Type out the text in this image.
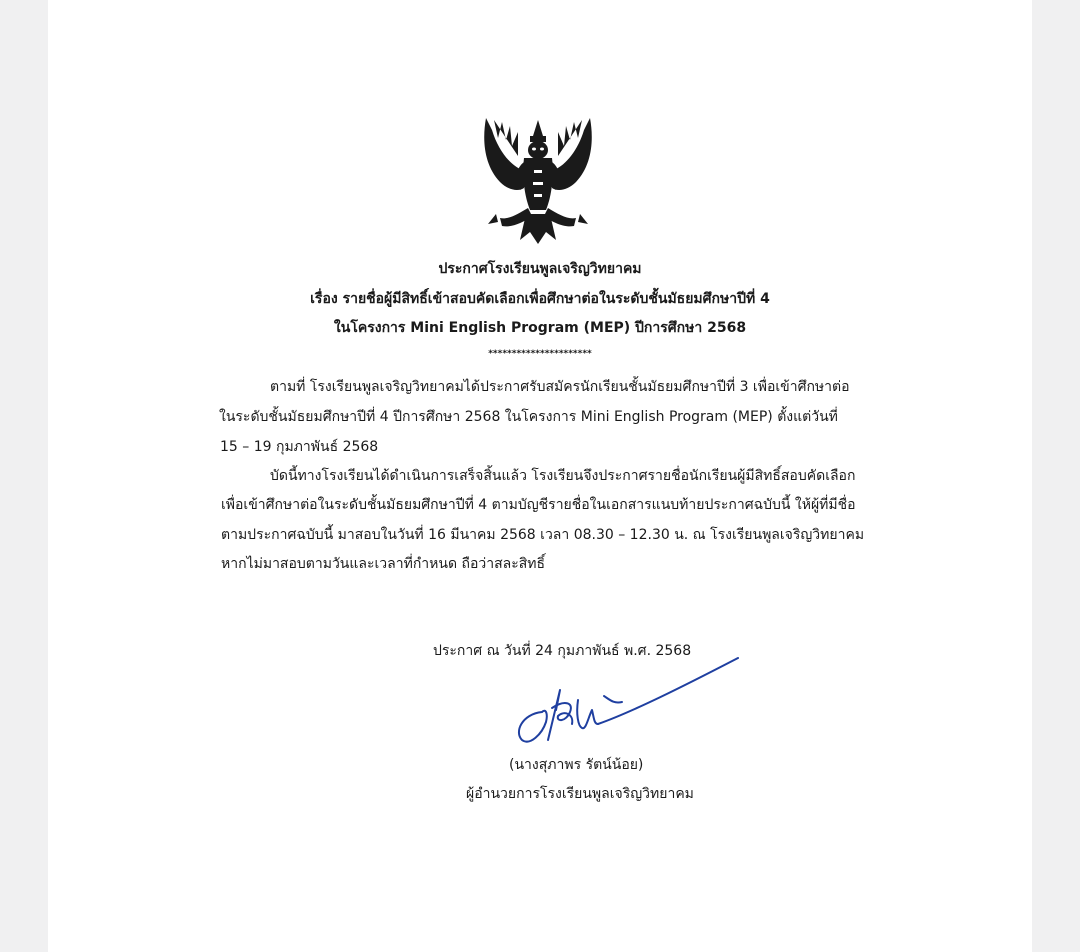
ประกาศโรงเรียนพูลเจริญวิทยาคม
เรื่อง รายชื่อผู้มีสิทธิ์เข้าสอบคัดเลือกเพื่อศึกษาต่อในระดับชั้นมัธยมศึกษาปีที่ 4
ในโครงการ Mini English Program (MEP) ปีการศึกษา 2568
**********************
ตามที่ โรงเรียนพูลเจริญวิทยาคมได้ประกาศรับสมัครนักเรียนชั้นมัธยมศึกษาปีที่ 3 เพื่อเข้าศึกษาต่อ
ในระดับชั้นมัธยมศึกษาปีที่ 4 ปีการศึกษา 2568 ในโครงการ Mini English Program (MEP) ตั้งแต่วันที่
15 – 19 กุมภาพันธ์ 2568
บัดนี้ทางโรงเรียนได้ดำเนินการเสร็จสิ้นแล้ว โรงเรียนจึงประกาศรายชื่อนักเรียนผู้มีสิทธิ์สอบคัดเลือก
เพื่อเข้าศึกษาต่อในระดับชั้นมัธยมศึกษาปีที่ 4 ตามบัญชีรายชื่อในเอกสารแนบท้ายประกาศฉบับนี้ ให้ผู้ที่มีชื่อ
ตามประกาศฉบับนี้ มาสอบในวันที่ 16 มีนาคม 2568 เวลา 08.30 – 12.30 น. ณ โรงเรียนพูลเจริญวิทยาคม
หากไม่มาสอบตามวันและเวลาที่กำหนด ถือว่าสละสิทธิ์
ประกาศ ณ วันที่ 24 กุมภาพันธ์ พ.ศ. 2568
(นางสุภาพร รัตน์น้อย)
ผู้อำนวยการโรงเรียนพูลเจริญวิทยาคม
